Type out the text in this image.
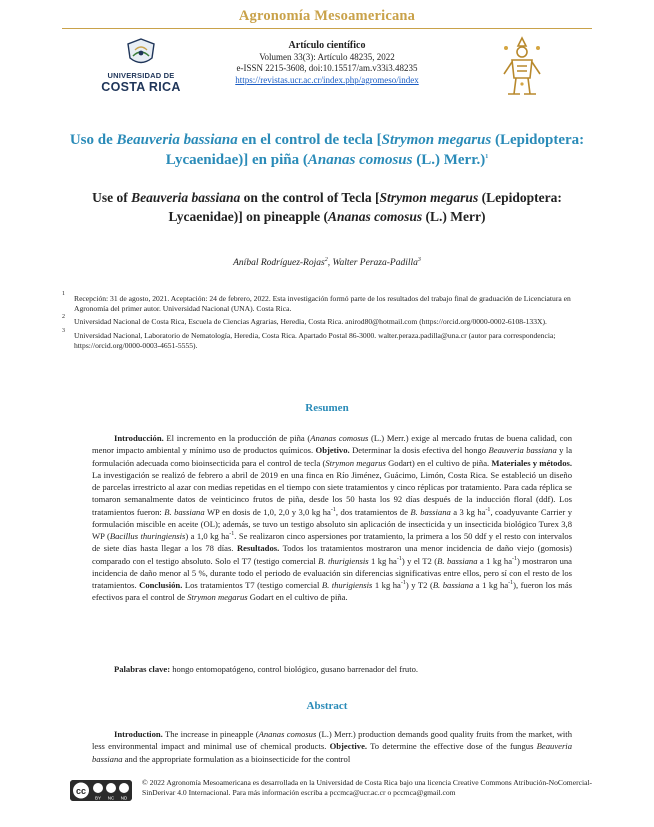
Agronomía Mesoamericana
UNIVERSIDAD DE
COSTA RICA
Artículo científico
Volumen 33(3): Artículo 48235, 2022
e-ISSN 2215-3608, doi:10.15517/am.v33i3.48235
https://revistas.ucr.ac.cr/index.php/agromeso/index
Uso de Beauveria bassiana en el control de tecla [Strymon megarus (Lepidoptera: Lycaenidae)] en piña (Ananas comosus (L.) Merr.)$^1$
Use of Beauveria bassiana on the control of Tecla [Strymon megarus (Lepidoptera: Lycaenidae)] on pineapple (Ananas comosus (L.) Merr)
Aníbal Rodríguez-Rojas$^2$, Walter Peraza-Padilla$^3$
1 Recepción: 31 de agosto, 2021. Aceptación: 24 de febrero, 2022. Esta investigación formó parte de los resultados del trabajo final de graduación de Licenciatura en Agronomía del primer autor. Universidad Nacional (UNA). Costa Rica.
2 Universidad Nacional de Costa Rica, Escuela de Ciencias Agrarias, Heredia, Costa Rica. anirod80@hotmail.com (https://orcid.org/0000-0002-6108-133X).
3 Universidad Nacional, Laboratorio de Nematología, Heredia, Costa Rica. Apartado Postal 86-3000. walter.peraza.padilla@una.cr (autor para correspondencia; https://orcid.org/0000-0003-4651-5555).
Resumen

Introducción. El incremento en la producción de piña (Ananas comosus (L.) Merr.) exige al mercado frutas de buena calidad, con menor impacto ambiental y mínimo uso de productos químicos. Objetivo. Determinar la dosis efectiva del hongo Beauveria bassiana y la formulación adecuada como bioinsecticida para el control de tecla (Strymon megarus Godart) en el cultivo de piña. Materiales y métodos. La investigación se realizó de febrero a abril de 2019 en una finca en Río Jiménez, Guácimo, Limón, Costa Rica. Se estableció un diseño de parcelas irrestricto al azar con medias repetidas en el tiempo con siete tratamientos y cinco réplicas por tratamiento. Para cada réplica se tomaron semanalmente datos de veinticinco frutos de piña, desde los 50 hasta los 92 días después de la inducción floral (ddf). Los tratamientos fueron: B. bassiana WP en dosis de 1,0, 2,0 y 3,0 kg $ha^{-1}$, dos tratamientos de B. bassiana a 3 kg $ha^{-1}$, coadyuvante Carrier y formulación miscible en aceite (OL); además, se tuvo un testigo absoluto sin aplicación de insecticida y un insecticida biológico Turex 3,8 WP (Bacillus thuringiensis) a 1,0 kg $ha^{-1}$. Se realizaron cinco aspersiones por tratamiento, la primera a los 50 ddf y el resto con intervalos de siete días hasta llegar a los 78 días. Resultados. Todos los tratamientos mostraron una menor incidencia de daño viejo (gomosis) comparado con el testigo absoluto. Solo el T7 (testigo comercial B. thurigiensis 1 kg $ha^{-1}$) y el T2 (B. bassiana a 1 kg $ha^{-1}$) mostraron una incidencia de daño menor al 5 %, durante todo el periodo de evaluación sin diferencias significativas entre ellos, pero sí con el resto de los tratamientos. Conclusión. Los tratamientos T7 (testigo comercial B. thurigiensis 1 kg $ha^{-1}$) y T2 (B. bassiana a 1 kg $ha^{-1}$), fueron los más efectivos para el control de Strymon megarus Godart en el cultivo de piña.

Palabras clave: hongo entomopatógeno, control biológico, gusano barrenador del fruto.
Abstract
Introduction. The increase in pineapple (Ananas comosus (L.) Merr.) production demands good quality fruits from the market, with less environmental impact and minimal use of chemical products. Objective. To determine the effective dose of the fungus Beauveria bassiana and the appropriate formulation as a bioinsecticide for the control
cc
BY NC ND
© 2022 Agronomía Mesoamericana es desarrollada en la Universidad de Costa Rica bajo una licencia Creative Commons Atribución-NoComercial-SinDerivar 4.0 Internacional. Para más información escriba a pccmca@ucr.ac.cr o pccmca@gmail.com
